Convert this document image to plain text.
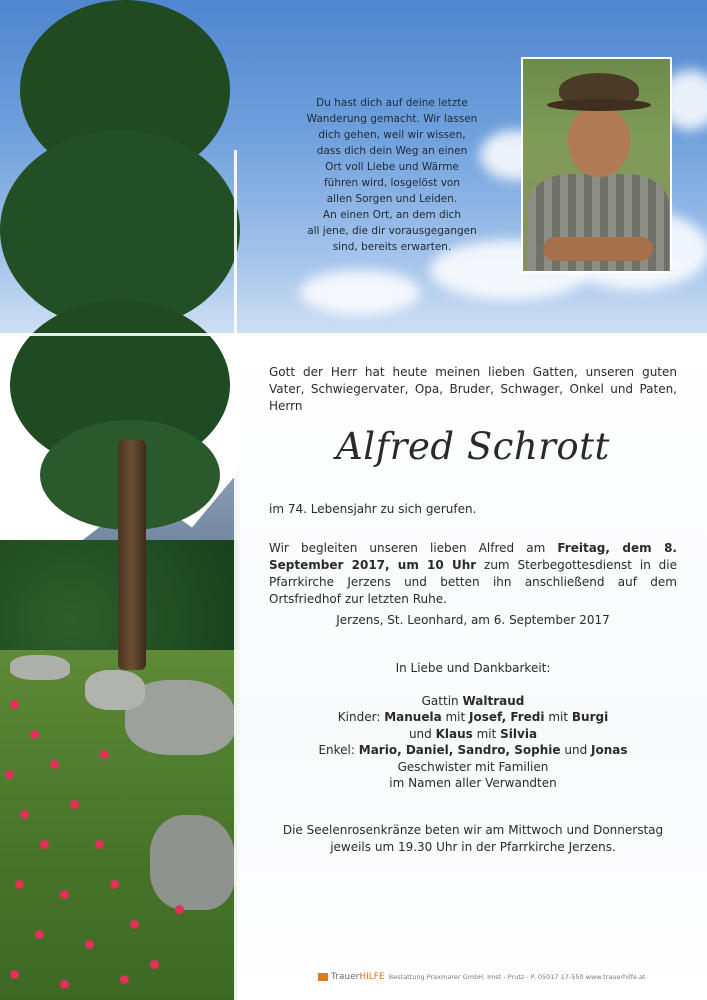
Du hast dich auf deine letzte
Wanderung gemacht. Wir lassen
dich gehen, weil wir wissen,
dass dich dein Weg an einen
Ort voll Liebe und Wärme
führen wird, losgelöst von
allen Sorgen und Leiden.
An einen Ort, an dem dich
all jene, die dir vorausgegangen
sind, bereits erwarten.
Gott der Herr hat heute meinen lieben Gatten, unseren guten Vater, Schwiegervater, Opa, Bruder, Schwager, Onkel und Paten, Herrn
Alfred Schrott
im 74. Lebensjahr zu sich gerufen.
Wir begleiten unseren lieben Alfred am Freitag, dem 8. September 2017, um 10 Uhr zum Sterbegottesdienst in die Pfarrkirche Jerzens und betten ihn anschließend auf dem Ortsfriedhof zur letzten Ruhe.
Jerzens, St. Leonhard, am 6. September 2017
In Liebe und Dankbarkeit:
Gattin Waltraud
Kinder: Manuela mit Josef, Fredi mit Burgi
und Klaus mit Silvia
Enkel: Mario, Daniel, Sandro, Sophie und Jonas
Geschwister mit Familien
im Namen aller Verwandten
Die Seelenrosenkränze beten wir am Mittwoch und Donnerstag
jeweils um 19.30 Uhr in der Pfarrkirche Jerzens.
TrauerHILFE Bestattung Praxmarer GmbH, Imst - Prutz - P. 05017 17-550 www.trauerhilfe.at
